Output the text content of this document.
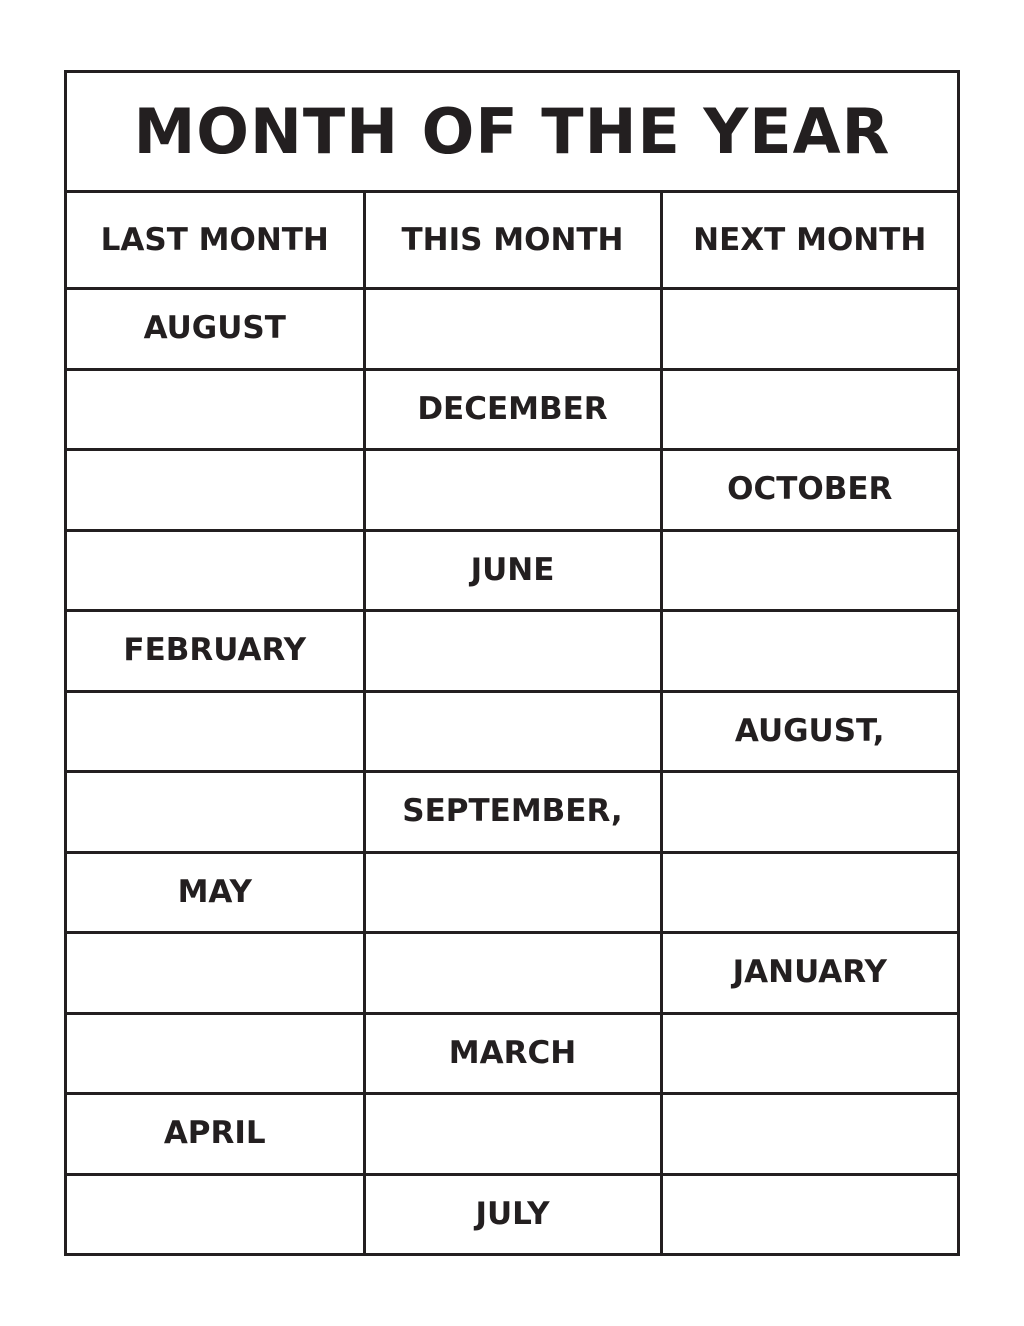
MONTH OF THE YEAR
LAST MONTH	THIS MONTH	NEXT MONTH
AUGUST		
	DECEMBER	
		OCTOBER
	JUNE	
FEBRUARY		
		AUGUST,
	SEPTEMBER,	
MAY		
		JANUARY
	MARCH	
APRIL		
	JULY	
